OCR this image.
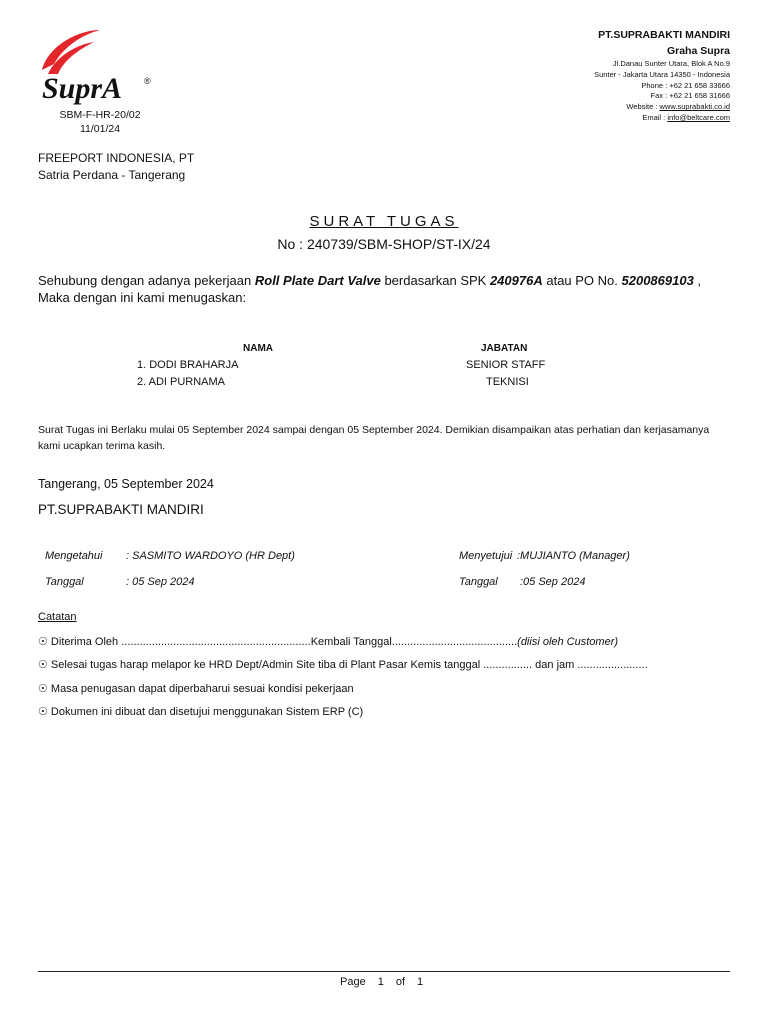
SuprA ®
SBM-F-HR-20/02
11/01/24
PT.SUPRABAKTI MANDIRI
Graha Supra
Jl.Danau Sunter Utara, Blok A No.9
Sunter - Jakarta Utara 14350 - Indonesia
Phone : +62 21 658 33666
Fax : +62 21 658 31666
Website : www.suprabakti.co.id
Email : info@beltcare.com
FREEPORT INDONESIA, PT
Satria Perdana - Tangerang
SURAT TUGAS
No : 240739/SBM-SHOP/ST-IX/24
Sehubung dengan adanya pekerjaan Roll Plate Dart Valve berdasarkan SPK 240976A atau PO No. 5200869103 ,
Maka dengan ini kami menugaskan:
NAMA	JABATAN
1. DODI BRAHARJA	SENIOR STAFF
2. ADI PURNAMA	TEKNISI
Surat Tugas ini Berlaku mulai 05 September 2024 sampai dengan 05 September 2024. Demikian disampaikan atas perhatian dan kerjasamanya kami ucapkan terima kasih.
Tangerang, 05 September 2024
PT.SUPRABAKTI MANDIRI
Mengetahui : SASMITO WARDOYO (HR Dept)	Menyetujui :MUJIANTO (Manager)
Tanggal	: 05 Sep 2024	Tanggal :05 Sep 2024
Catatan
☉ Diterima Oleh ..............................................................Kembali Tanggal.........................................(diisi oleh Customer)
☉ Selesai tugas harap melapor ke HRD Dept/Admin Site tiba di Plant Pasar Kemis tanggal ................ dan jam .......................
☉ Masa penugasan dapat diperbaharui sesuai kondisi pekerjaan
☉ Dokumen ini dibuat dan disetujui menggunakan Sistem ERP (C)
Page 1 of 1
